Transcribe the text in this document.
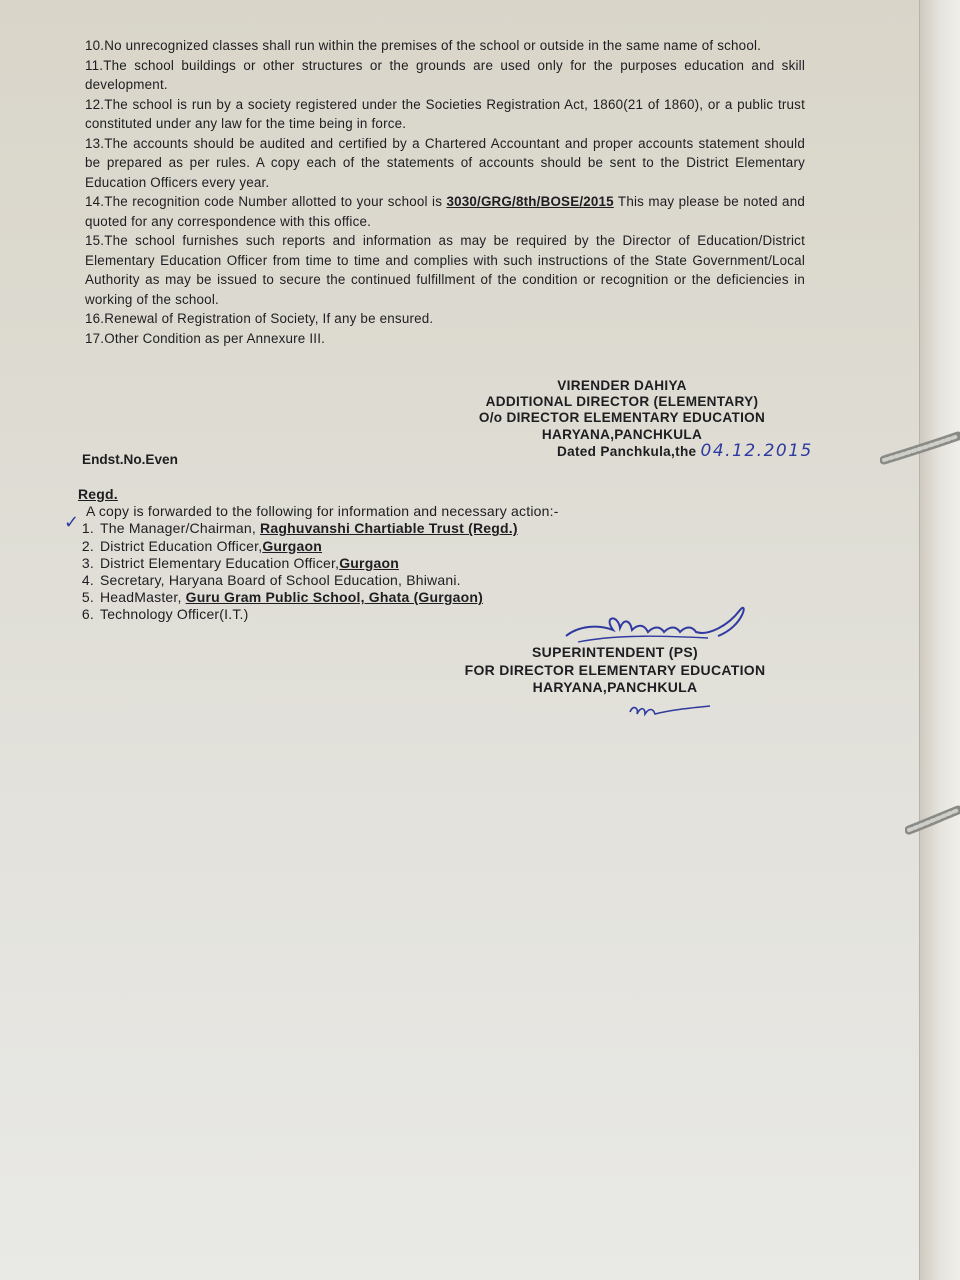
10.No unrecognized classes shall run within the premises of the school or outside in the same name of school.

11.The school buildings or other structures or the grounds are used only for the purposes education and skill development.

12.The school is run by a society registered under the Societies Registration Act, 1860(21 of 1860), or a public trust constituted under any law for the time being in force.

13.The accounts should be audited and certified by a Chartered Accountant and proper accounts statement should be prepared as per rules. A copy each of the statements of accounts should be sent to the District Elementary Education Officers every year.

14.The recognition code Number allotted to your school is 3030/GRG/8th/BOSE/2015 This may please be noted and quoted for any correspondence with this office.

15.The school furnishes such reports and information as may be required by the Director of Education/District Elementary Education Officer from time to time and complies with such instructions of the State Government/Local Authority as may be issued to secure the continued fulfillment of the condition or recognition or the deficiencies in working of the school.

16.Renewal of Registration of Society, If any be ensured.

17.Other Condition as per Annexure III.

VIRENDER DAHIYA
ADDITIONAL DIRECTOR (ELEMENTARY)
O/o DIRECTOR ELEMENTARY EDUCATION
HARYANA,PANCHKULA
Dated Panchkula,the 04.12.2015
Endst.No.Even
Regd.
A copy is forwarded to the following for information and necessary action:-
✓
1. The Manager/Chairman, Raghuvanshi Chartiable Trust (Regd.)
2. District Education Officer,Gurgaon
3. District Elementary Education Officer,Gurgaon
4. Secretary, Haryana Board of School Education, Bhiwani.
5. HeadMaster, Guru Gram Public School, Ghata (Gurgaon)
6. Technology Officer(I.T.)
SUPERINTENDENT (PS)
FOR DIRECTOR ELEMENTARY EDUCATION
HARYANA,PANCHKULA
